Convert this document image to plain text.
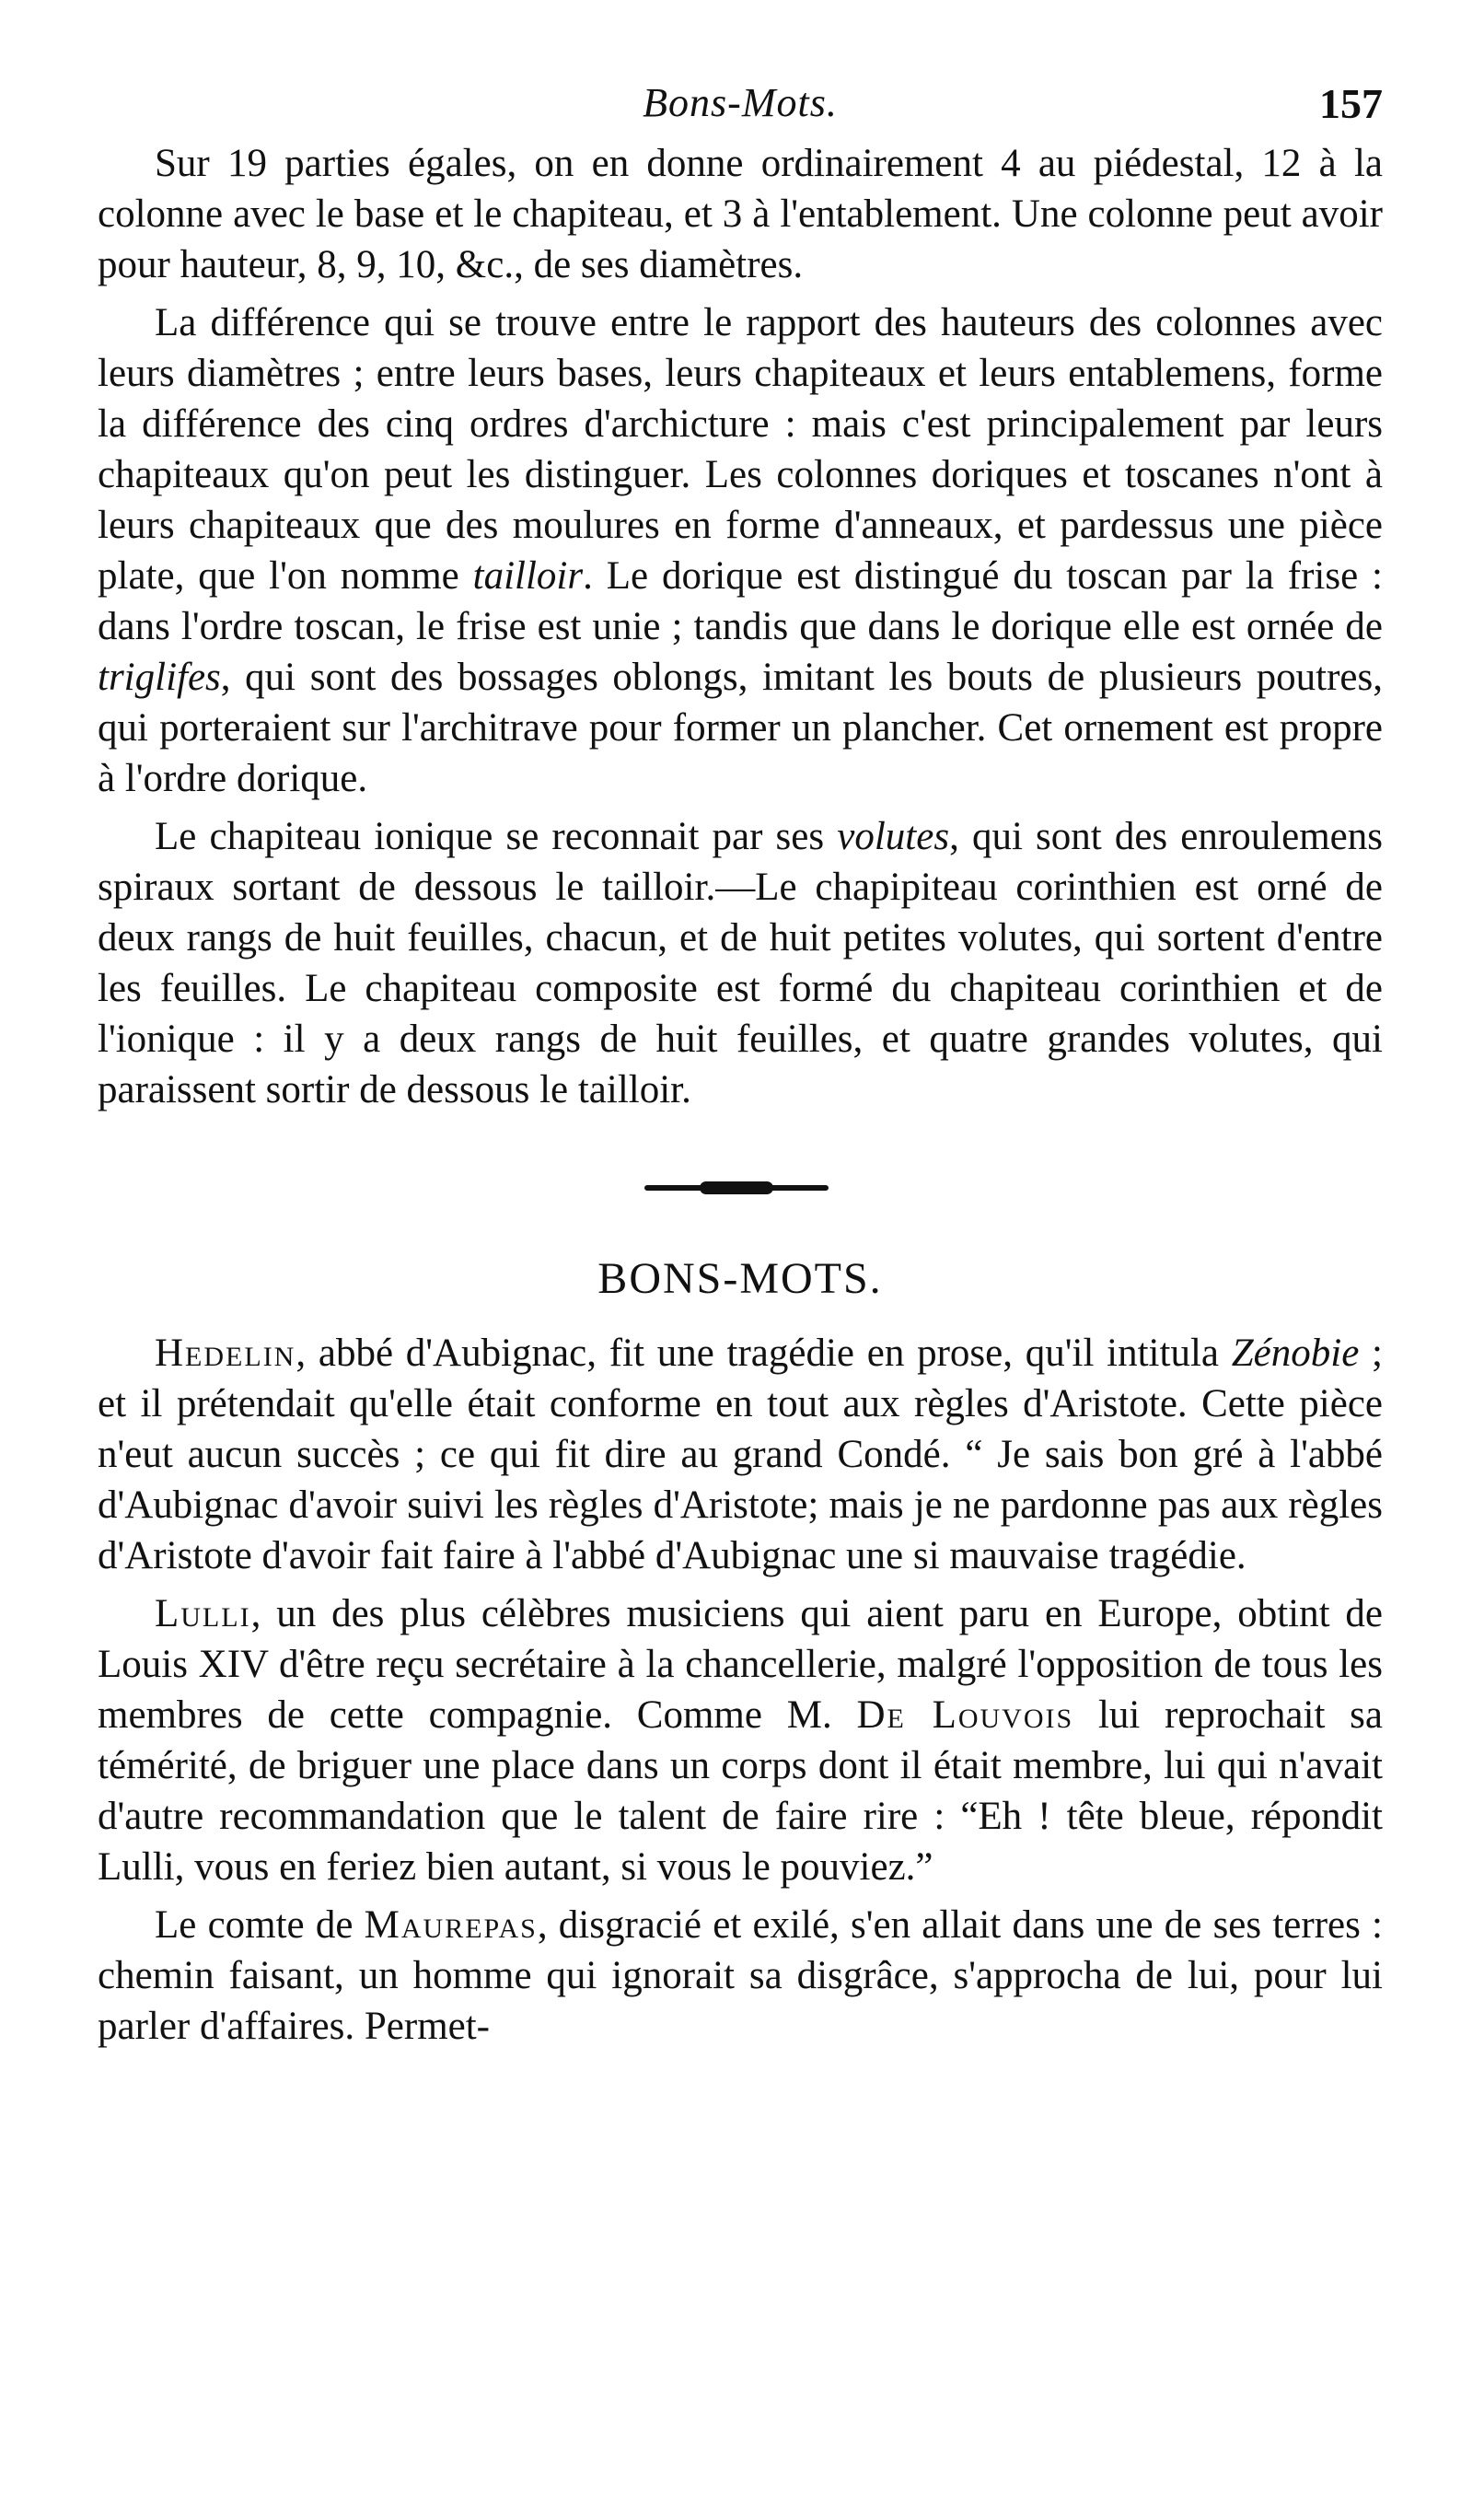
Bons-Mots.	157

Sur 19 parties égales, on en donne ordinairement 4 au piédestal, 12 à la colonne avec le base et le chapiteau, et 3 à l'entablement. Une colonne peut avoir pour hauteur, 8, 9, 10, &c., de ses diamètres.

La différence qui se trouve entre le rapport des hauteurs des colonnes avec leurs diamètres ; entre leurs bases, leurs chapiteaux et leurs entablemens, forme la différence des cinq ordres d'archicture : mais c'est principalement par leurs chapiteaux qu'on peut les distinguer. Les colonnes doriques et toscanes n'ont à leurs chapiteaux que des moulures en forme d'anneaux, et pardessus une pièce plate, que l'on nomme tailloir. Le dorique est distingué du toscan par la frise : dans l'ordre toscan, le frise est unie ; tandis que dans le dorique elle est ornée de triglifes, qui sont des bossages oblongs, imitant les bouts de plusieurs poutres, qui porteraient sur l'architrave pour former un plancher. Cet ornement est propre à l'ordre dorique.

Le chapiteau ionique se reconnait par ses volutes, qui sont des enroulemens spiraux sortant de dessous le tailloir.—Le chapipiteau corinthien est orné de deux rangs de huit feuilles, chacun, et de huit petites volutes, qui sortent d'entre les feuilles. Le chapiteau composite est formé du chapiteau corinthien et de l'ionique : il y a deux rangs de huit feuilles, et quatre grandes volutes, qui paraissent sortir de dessous le tailloir.

BONS-MOTS.

Hedelin, abbé d'Aubignac, fit une tragédie en prose, qu'il intitula Zénobie ; et il prétendait qu'elle était conforme en tout aux règles d'Aristote. Cette pièce n'eut aucun succès ; ce qui fit dire au grand Condé. “ Je sais bon gré à l'abbé d'Aubignac d'avoir suivi les règles d'Aristote; mais je ne pardonne pas aux règles d'Aristote d'avoir fait faire à l'abbé d'Aubignac une si mauvaise tragédie.

Lulli, un des plus célèbres musiciens qui aient paru en Europe, obtint de Louis XIV d'être reçu secrétaire à la chancellerie, malgré l'opposition de tous les membres de cette compagnie. Comme M. De Louvois lui reprochait sa témérité, de briguer une place dans un corps dont il était membre, lui qui n'avait d'autre recommandation que le talent de faire rire : “Eh ! tête bleue, répondit Lulli, vous en feriez bien autant, si vous le pouviez.”

Le comte de Maurepas, disgracié et exilé, s'en allait dans une de ses terres : chemin faisant, un homme qui ignorait sa disgrâce, s'approcha de lui, pour lui parler d'affaires. Permet-
